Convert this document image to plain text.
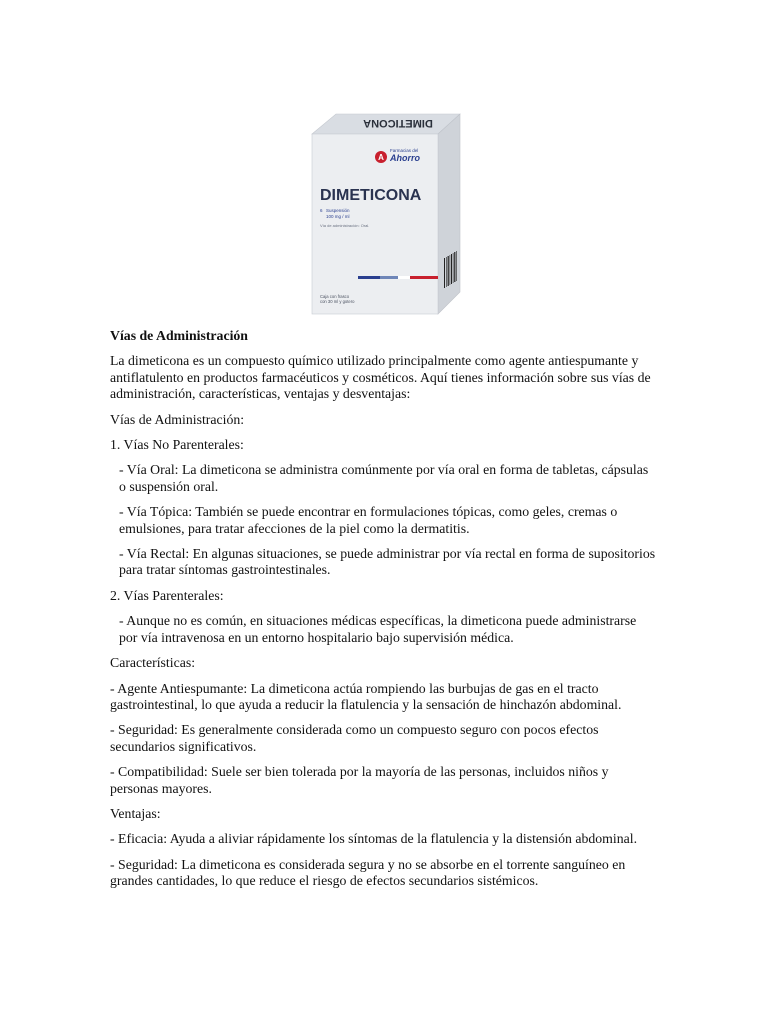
DIMETICONA
A
Farmacias del
Ahorro
DIMETICONA
6 Suspensión
100 mg / ml
Vía de administración: Oral.
Caja con frasco
con 30 ml y gotero
Vías de Administración

La dimeticona es un compuesto químico utilizado principalmente como agente antiespumante y antiflatulento en productos farmacéuticos y cosméticos. Aquí tienes información sobre sus vías de administración, características, ventajas y desventajas:

Vías de Administración:

1. Vías No Parenterales:

- Vía Oral: La dimeticona se administra comúnmente por vía oral en forma de tabletas, cápsulas o suspensión oral.

- Vía Tópica: También se puede encontrar en formulaciones tópicas, como geles, cremas o emulsiones, para tratar afecciones de la piel como la dermatitis.

- Vía Rectal: En algunas situaciones, se puede administrar por vía rectal en forma de supositorios para tratar síntomas gastrointestinales.

2. Vías Parenterales:

- Aunque no es común, en situaciones médicas específicas, la dimeticona puede administrarse por vía intravenosa en un entorno hospitalario bajo supervisión médica.

Características:

- Agente Antiespumante: La dimeticona actúa rompiendo las burbujas de gas en el tracto gastrointestinal, lo que ayuda a reducir la flatulencia y la sensación de hinchazón abdominal.

- Seguridad: Es generalmente considerada como un compuesto seguro con pocos efectos secundarios significativos.

- Compatibilidad: Suele ser bien tolerada por la mayoría de las personas, incluidos niños y personas mayores.

Ventajas:

- Eficacia: Ayuda a aliviar rápidamente los síntomas de la flatulencia y la distensión abdominal.

- Seguridad: La dimeticona es considerada segura y no se absorbe en el torrente sanguíneo en grandes cantidades, lo que reduce el riesgo de efectos secundarios sistémicos.
